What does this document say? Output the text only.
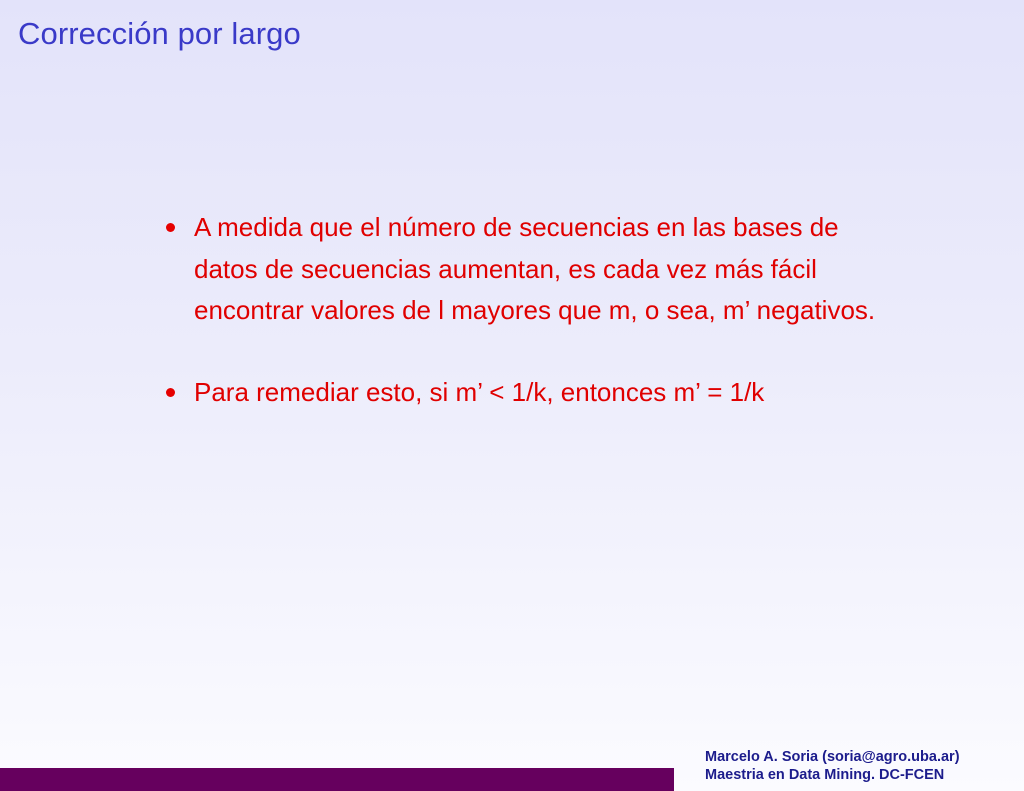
Corrección por largo
A medida que el número de secuencias en las bases de datos de secuencias aumentan, es cada vez más fácil encontrar valores de l mayores que m, o sea, m’ negativos.
Para remediar esto, si m’ < 1/k, entonces m’ = 1/k
Marcelo A. Soria (soria@agro.uba.ar)
Maestria en Data Mining. DC-FCEN
